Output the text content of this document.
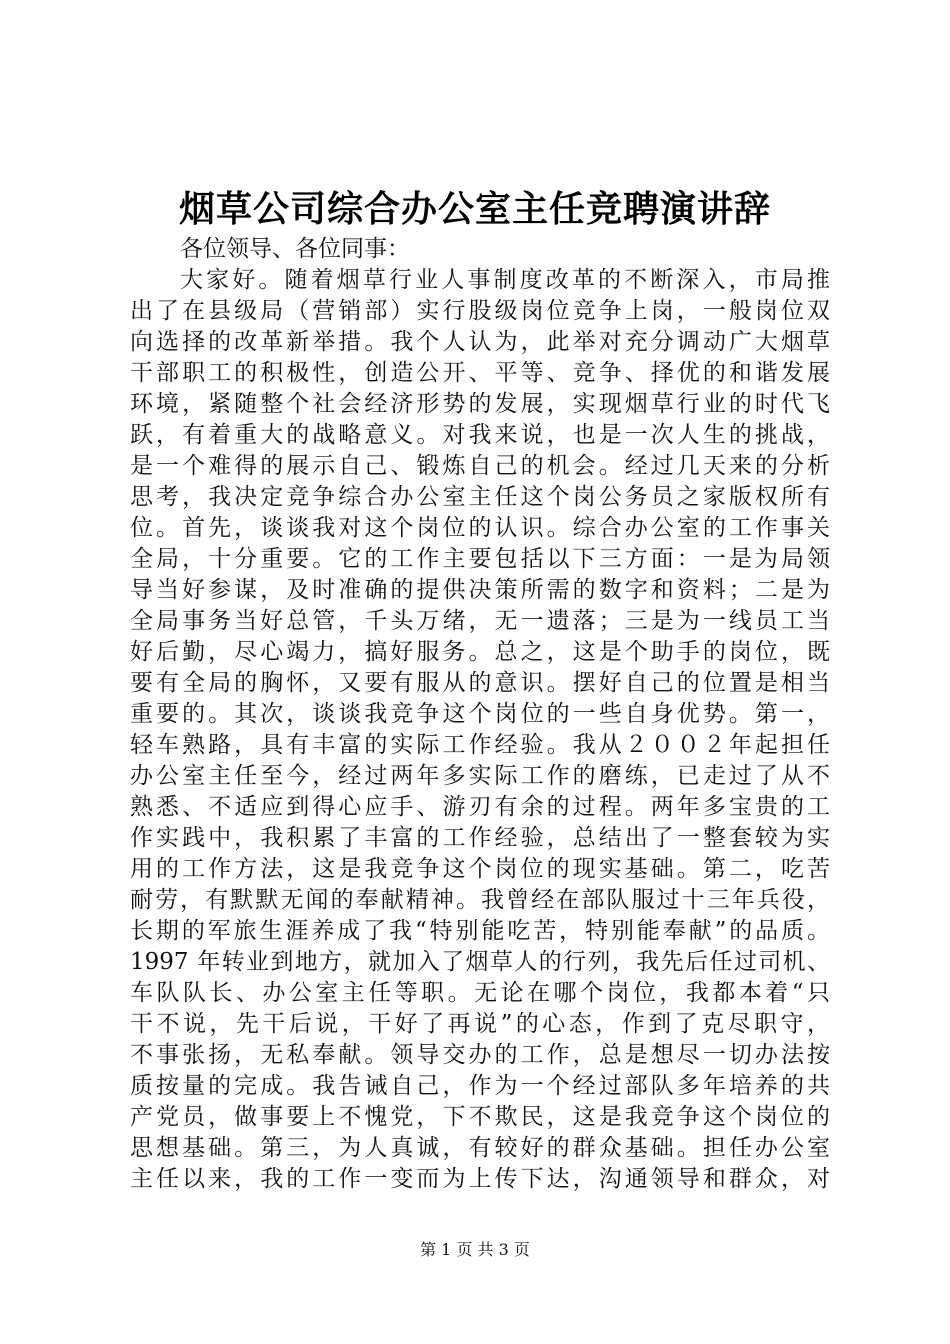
烟草公司综合办公室主任竞聘演讲辞
各位领导、各位同事：
大家好。随着烟草行业人事制度改革的不断深入，市局推
出了在县级局（营销部）实行股级岗位竞争上岗，一般岗位双
向选择的改革新举措。我个人认为，此举对充分调动广大烟草
干部职工的积极性，创造公开、平等、竞争、择优的和谐发展
环境，紧随整个社会经济形势的发展，实现烟草行业的时代飞
跃，有着重大的战略意义。对我来说，也是一次人生的挑战，
是一个难得的展示自己、锻炼自己的机会。经过几天来的分析
思考，我决定竞争综合办公室主任这个岗公务员之家版权所有
位。首先，谈谈我对这个岗位的认识。综合办公室的工作事关
全局，十分重要。它的工作主要包括以下三方面：一是为局领
导当好参谋，及时准确的提供决策所需的数字和资料；二是为
全局事务当好总管，千头万绪，无一遗落；三是为一线员工当
好后勤，尽心竭力，搞好服务。总之，这是个助手的岗位，既
要有全局的胸怀，又要有服从的意识。摆好自己的位置是相当
重要的。其次，谈谈我竞争这个岗位的一些自身优势。第一，
轻车熟路，具有丰富的实际工作经验。我从２００２年起担任
办公室主任至今，经过两年多实际工作的磨练，已走过了从不
熟悉、不适应到得心应手、游刃有余的过程。两年多宝贵的工
作实践中，我积累了丰富的工作经验，总结出了一整套较为实
用的工作方法，这是我竞争这个岗位的现实基础。第二，吃苦
耐劳，有默默无闻的奉献精神。我曾经在部队服过十三年兵役，
长期的军旅生涯养成了我“特别能吃苦，特别能奉献”的品质。
1997 年转业到地方，就加入了烟草人的行列，我先后任过司机、
车队队长、办公室主任等职。无论在哪个岗位，我都本着“只
干不说，先干后说，干好了再说”的心态，作到了克尽职守，
不事张扬，无私奉献。领导交办的工作，总是想尽一切办法按
质按量的完成。我告诫自己，作为一个经过部队多年培养的共
产党员，做事要上不愧党，下不欺民，这是我竞争这个岗位的
思想基础。第三，为人真诚，有较好的群众基础。担任办公室
主任以来，我的工作一变而为上传下达，沟通领导和群众，对
第 1 页 共 3 页
